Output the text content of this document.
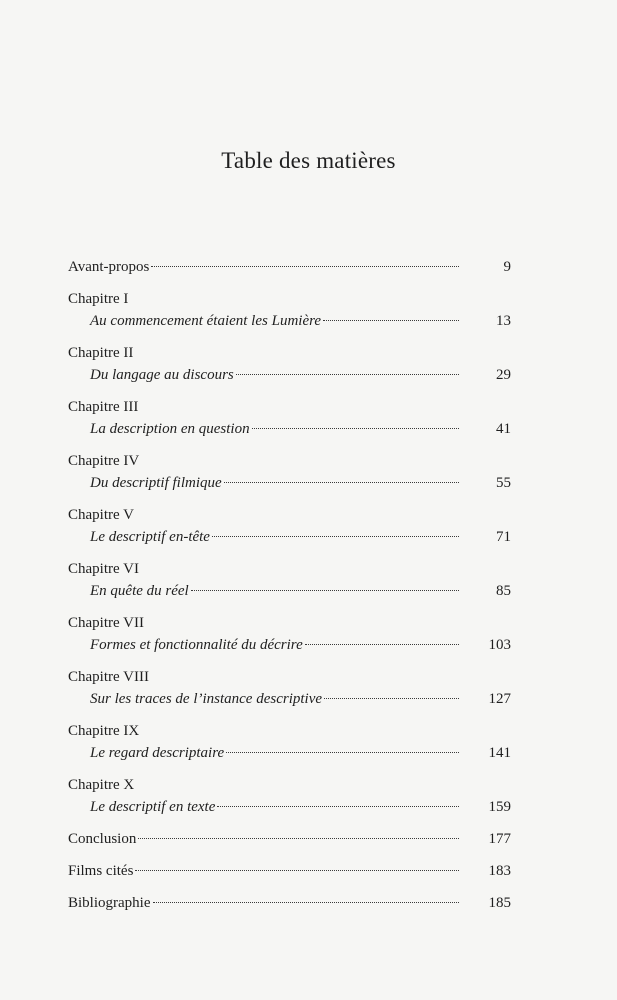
Table des matières
Avant-propos	9
Chapitre I
Au commencement étaient les Lumière	13
Chapitre II
Du langage au discours	29
Chapitre III
La description en question	41
Chapitre IV
Du descriptif filmique	55
Chapitre V
Le descriptif en-tête	71
Chapitre VI
En quête du réel	85
Chapitre VII
Formes et fonctionnalité du décrire	103
Chapitre VIII
Sur les traces de l’instance descriptive	127
Chapitre IX
Le regard descriptaire	141
Chapitre X
Le descriptif en texte	159
Conclusion	177
Films cités	183
Bibliographie	185
